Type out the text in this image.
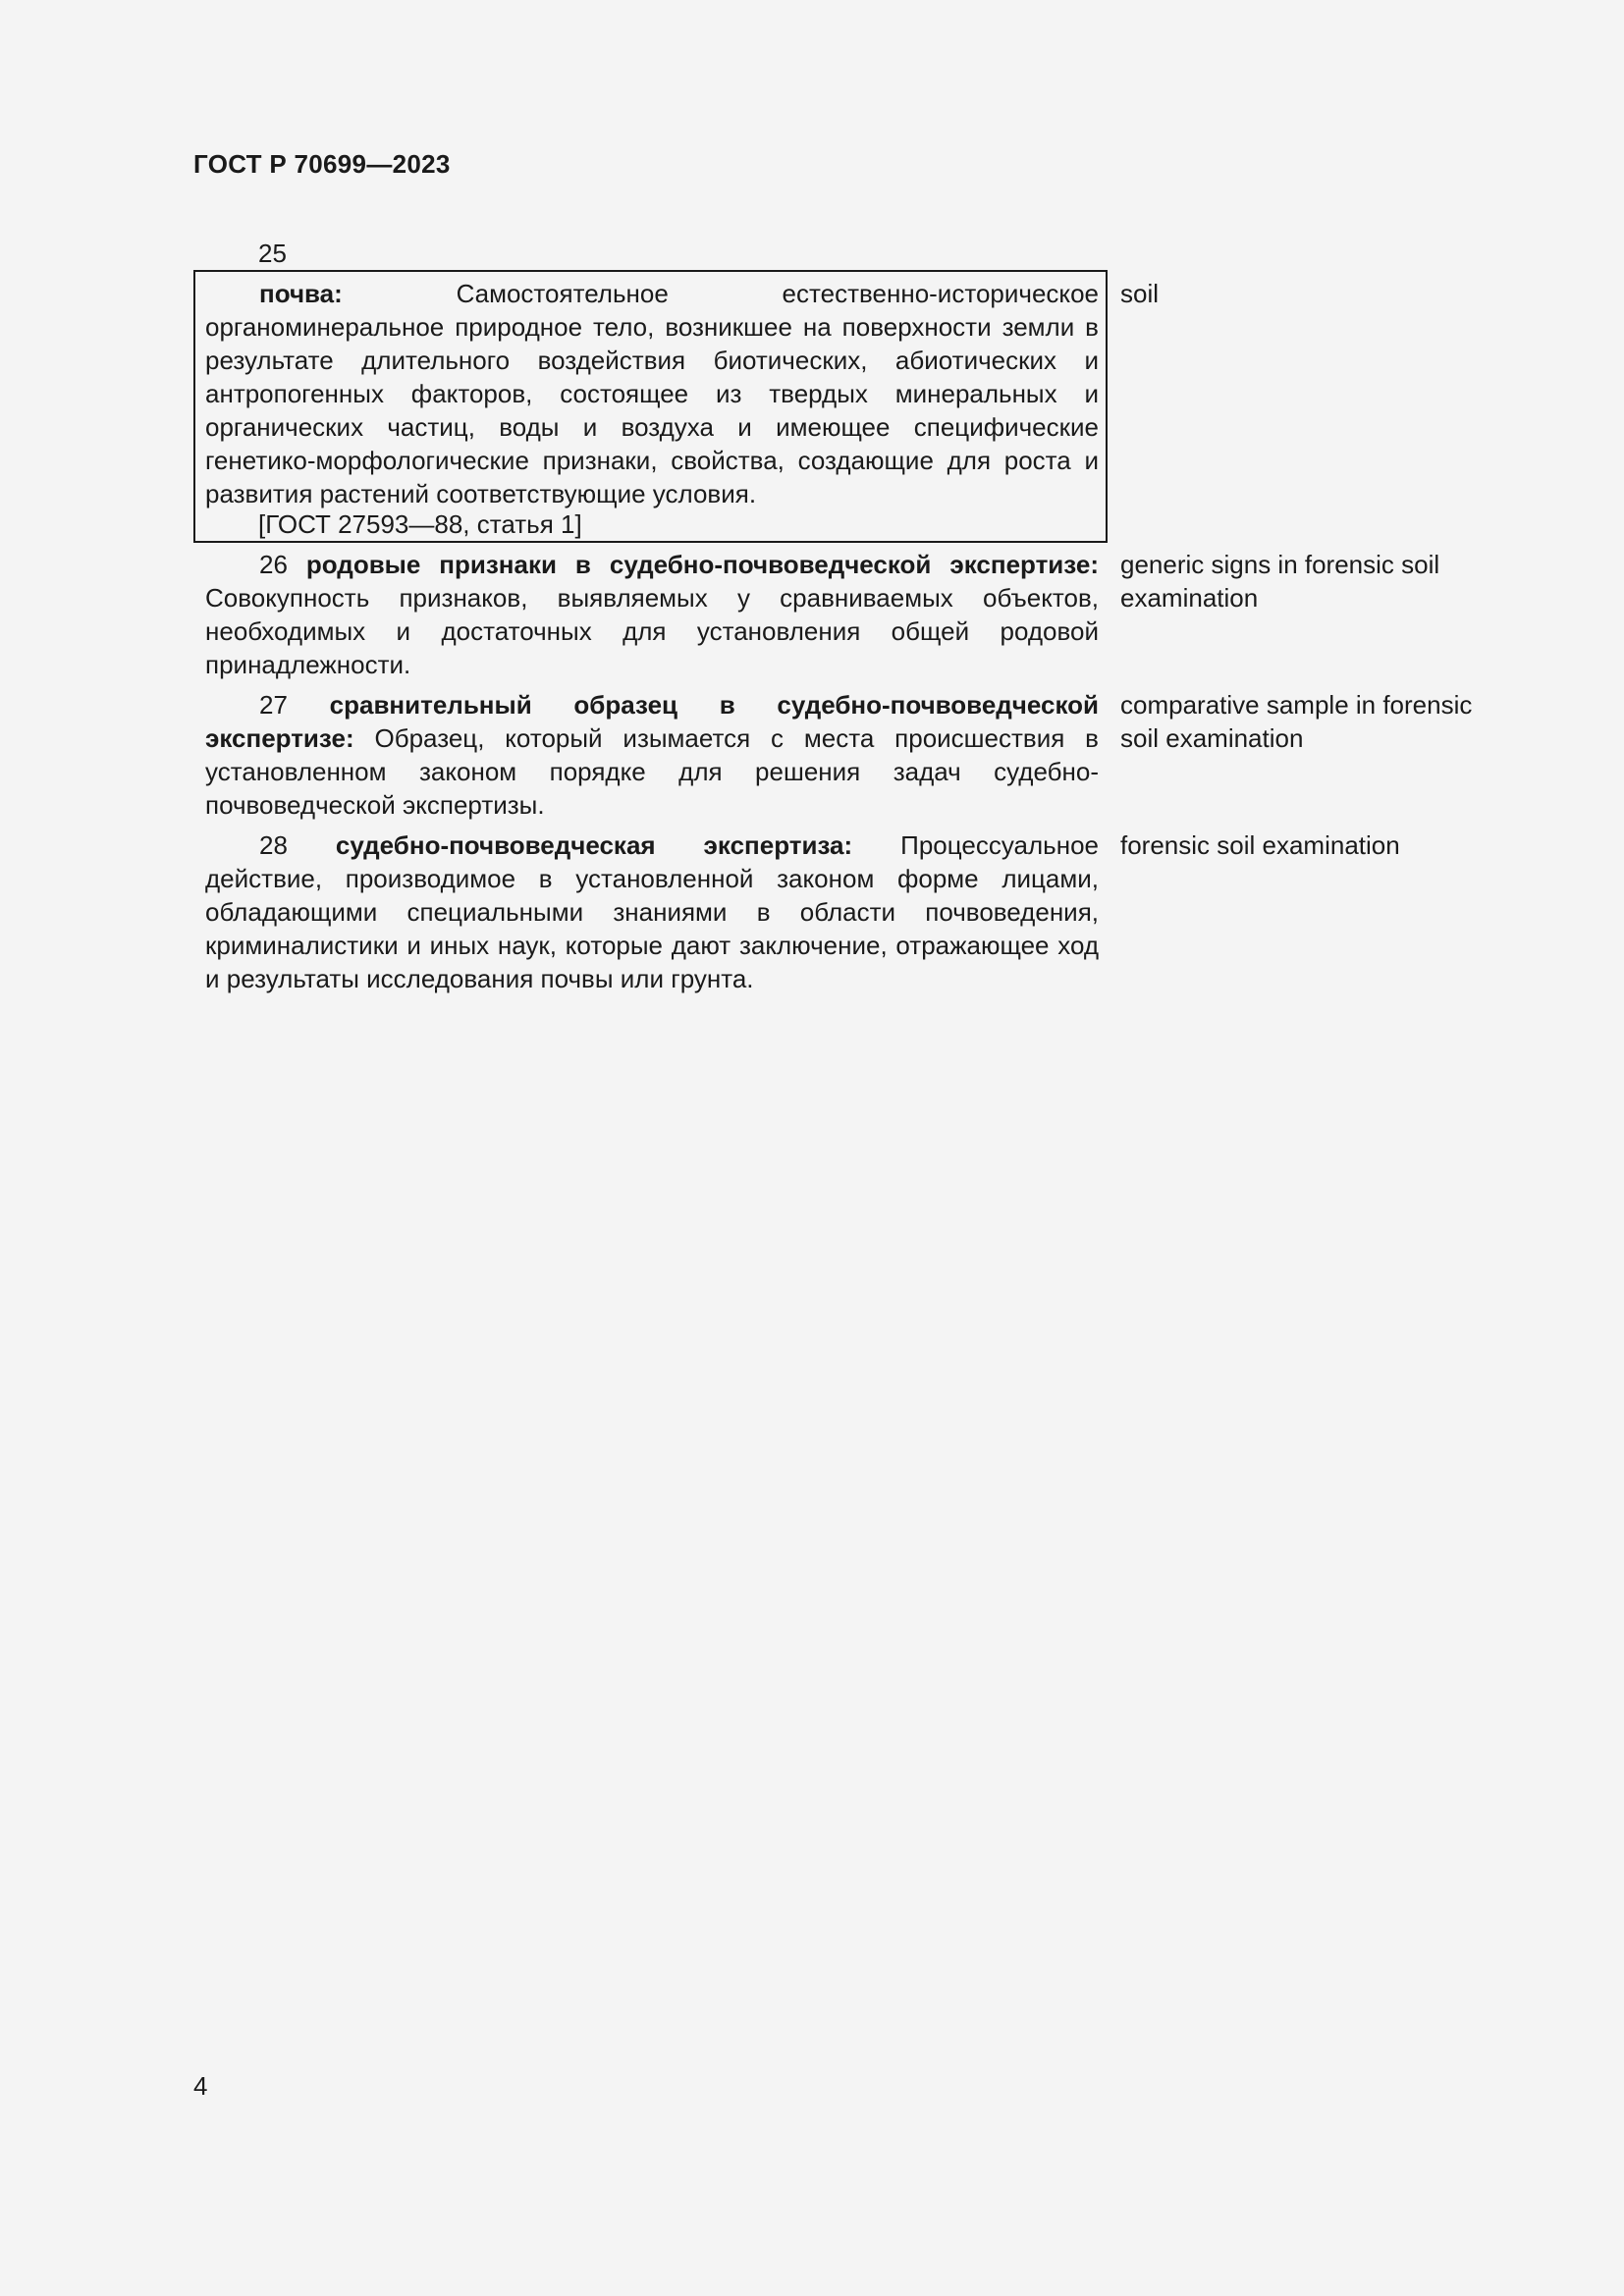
ГОСТ Р 70699—2023
25

почва:	Самостоятельное естественно-историческое органоминеральное природное тело, возникшее на поверхности земли в результате длительного воздействия биотических, абиотических и антропогенных факторов, состоящее из твердых минеральных и органических частиц, воды и воздуха и имеющее специфические генетико-морфологические признаки, свойства, создающие для роста и развития растений соответствующие условия.

[ГОСТ 27593—88, статья 1]

soil

26 родовые признаки в судебно-почвоведческой экспертизе: Совокупность признаков, выявляемых у сравниваемых объектов, необходимых и достаточных для установления общей родовой принадлежности.

generic signs in forensic soil examination

27 сравнительный образец в судебно-почвоведческой экспертизе: Образец, который изымается с места происшествия в установленном законом порядке для решения задач судебно-почвоведческой экспертизы.

comparative sample in forensic soil examination

28 судебно-почвоведческая экспертиза: Процессуальное действие, производимое в установленной законом форме лицами, обладающими специальными знаниями в области почвоведения, криминалистики и иных наук, которые дают заключение, отражающее ход и результаты исследования почвы или грунта.

forensic soil examination

4
